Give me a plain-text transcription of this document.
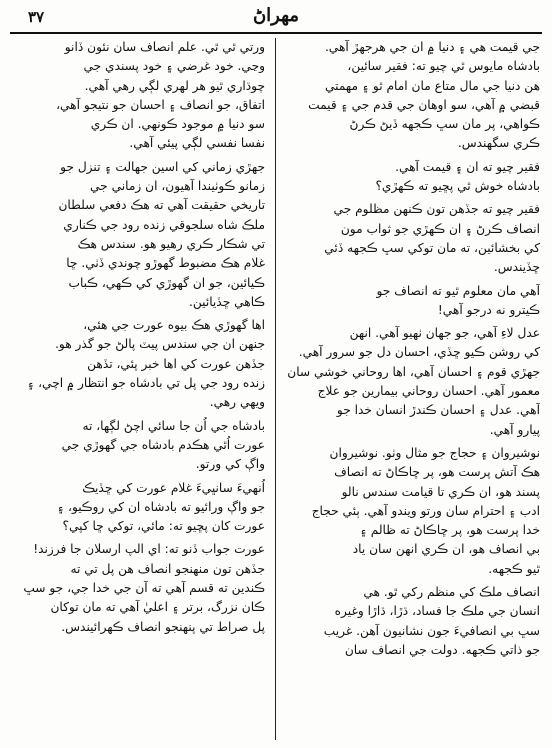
٣٧	مهراڻ
جي قيمت هي ۽ دنيا ۾ ان جي هرجهڙ آهي.
بادشاه مايوس ٿي چيو ته: فقير سائين،
هن دنيا جي مال متاع مان امام ٿو ۽ مهمتي
قبضي ۾ آهي، سو اوهان جي قدم جي ۽ قيمت
ڪواهي، پر مان سڀ ڪجهه ڏيڻ ڪرڻ
ڪري سگهندس.
فقير چيو ته ان ۽ قيمت آهي.
بادشاه خوش ٿي پڇيو ته ڪهڙي؟
فقير چيو ته جڏهن تون ڪنهن مظلوم جي
انصاف ڪرڻ ۽ ان ڪهڙي جو ثواب مون
کي بخشائين، ته مان توکي سڀ ڪجهه ڏئي
ڇڏيندس.
آهي مان معلوم ٿيو ته انصاف جو
ڪيترو نه درجو آهي!
عدل لاءِ آهي، جو جهان ٺهيو آهي. انهن
کي روشن ڪيو ڇڏي، احسان دل جو سرور آهي.
جهڙي قوم ۽ احسان آهي، اها روحاني خوشي سان
معمور آهي. احسان روحاني بيمارين جو علاج
آهي. عدل ۽ احسان ڪندڙ انسان خدا جو
پيارو آهي.
نوشيروان ۽ حجاج جو مثال وٺو. نوشيروان
هڪ آتش پرست هو، پر ڇاڪاڻ ته انصاف
پسند هو، ان ڪري تا قيامت سندس نالو
ادب ۽ احترام سان ورتو ويندو آهي. ٻئي حجاج
خدا پرست هو، پر ڇاڪاڻ ته ظالم ۽
بي انصاف هو، ان ڪري انهن سان ياد
ٿيو ڪجهه.
انصاف ملڪ کي منظم رکي ٿو. هي
انسان جي ملڪ جا فساد، ڌڙا، ڌاڙا وغيره
سڀ بي انصافيءَ جون نشانيون آهن. غريب
جو ذاتي ڪجهه. دولت جي انصاف سان
ورتي ٿي ٿي. علم انصاف سان نئون ڏانو
وڃي. خود غرضي ۽ خود پسندي جي
چوڌاري ٿيو هر لهري لڳي رهي آهي.
اتفاق، جو انصاف ۽ احسان جو نتيجو آهي،
سو دنيا ۾ موجود ڪونهي. ان ڪري
نفسا نفسي لڳي پيئي آهي.
جهڙي زماني کي اسين جهالت ۽ تنزل جو
زمانو ڪوٺيندا آهيون، ان زماني جي
تاريخي حقيقت آهي ته هڪ دفعي سلطان
ملڪ شاه سلجوقي زنده رود جي ڪناري
تي شڪار ڪري رهيو هو. سندس هڪ
غلام هڪ مضبوط گهوڙو چوندي ڏٺي. ڇا
ڪيائين، جو ان گهوڙي کي ڪهي، ڪباب
ڪاهي ڇڏيائين.
اها گهوڙي هڪ بيوه عورت جي هئي،
جنهن ان جي سندس پيٽ پالڻ جو گذر هو.
جڏهن عورت کي اها خبر پئي، تڏهن
زنده رود جي پل تي بادشاه جو انتظار ۾ اچي، ۽
ويهي رهي.
بادشاه جي اُن جا سائي اچڻ لڳها، ته
عورت اُٿي هڪدم بادشاه جي گهوڙي جي
واڳ کي ورتو.
اُنهيءَ سانڀيءَ غلام عورت کي ڇڏيڪ
جو واڳ ورائيو ته بادشاه ان کي روڪيو، ۽
عورت کان پڇيو ته: مائي، توکي ڇا کپي؟
عورت جواب ڏنو ته: اي الپ ارسلان جا فرزند!
جڏهن تون منهنجو انصاف هن پل تي ته
ڪندين ته قسم آهي ته آن جي خدا جي، جو سڀ
ڪان نزرگ، برتر ۽ اعليٰ آهي ته مان توکان
پل صراط تي پنهنجو انصاف ڪهرائيندس.
